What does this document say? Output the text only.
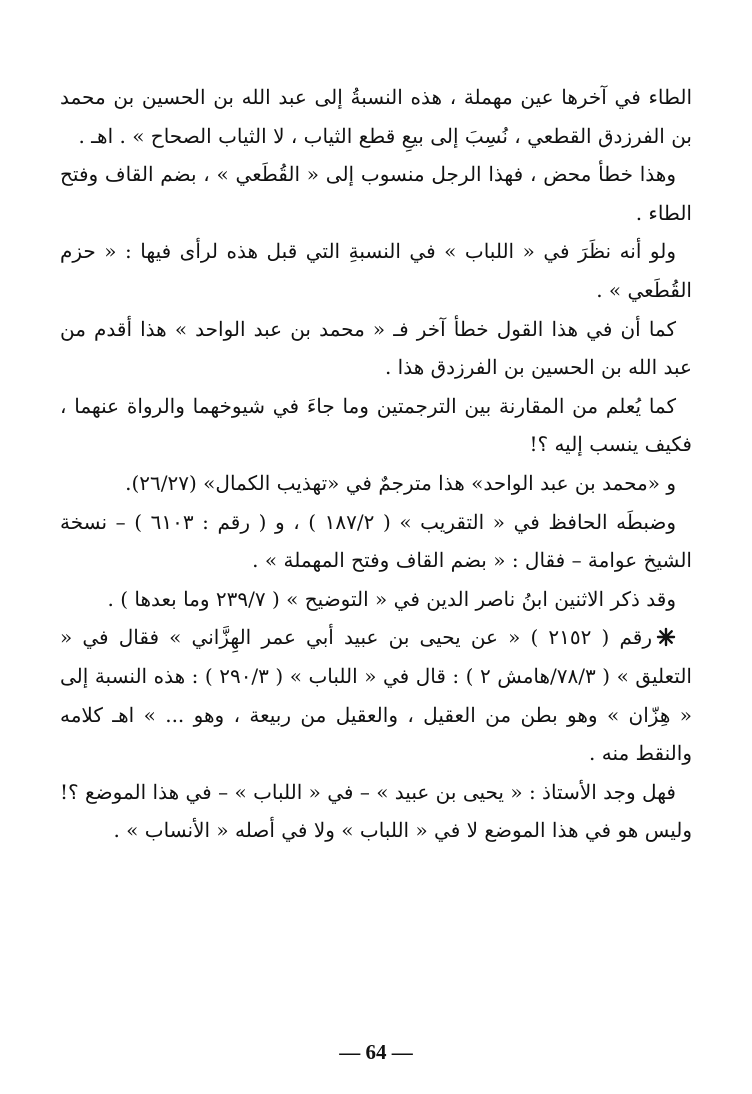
الطاء في آخرها عين مهملة ، هذه النسبةُ إلى عبد الله بن الحسين بن محمد بن الفرزدق القطعي ، نُسِبَ إلى بيعِ قطع الثياب ، لا الثياب الصحاح » . اهـ .

وهذا خطأ محض ، فهذا الرجل منسوب إلى « القُطَعي » ، بضم القاف وفتح الطاء .

ولو أنه نظَرَ في « اللباب » في النسبةِ التي قبل هذه لرأى فيها : « حزم القُطَعي » .

كما أن في هذا القول خطأ آخر فـ « محمد بن عبد الواحد » هذا أقدم من عبد الله بن الحسين بن الفرزدق هذا .

كما يُعلم من المقارنة بين الترجمتين وما جاءَ في شيوخهما والرواة عنهما ، فكيف ينسب إليه ؟!

و «محمد بن عبد الواحد» هذا مترجمٌ في «تهذيب الكمال» (٢٦/٢٧).

وضبطَه الحافظ في « التقريب » ( ١٨٧/٢ ) ، و ( رقم : ٦١٠٣ ) – نسخة الشيخ عوامة – فقال : « بضم القاف وفتح المهملة » .

وقد ذكر الاثنين ابنُ ناصر الدين في « التوضيح » ( ٢٣٩/٧ وما بعدها ) .

رقم ( ٢١٥٢ ) « عن يحيى بن عبيد أبي عمر الهِزَّاني » فقال في « التعليق » ( ٧٨/٣/هامش ٢ ) : قال في « اللباب » ( ٢٩٠/٣ ) : هذه النسبة إلى « هِزّان » وهو بطن من العقيل ، والعقيل من ربيعة ، وهو ... » اهـ كلامه والنقط منه .

فهل وجد الأستاذ : « يحيى بن عبيد » – في « اللباب » – في هذا الموضع ؟! وليس هو في هذا الموضع لا في « اللباب » ولا في أصله « الأنساب » .

— 64 —
